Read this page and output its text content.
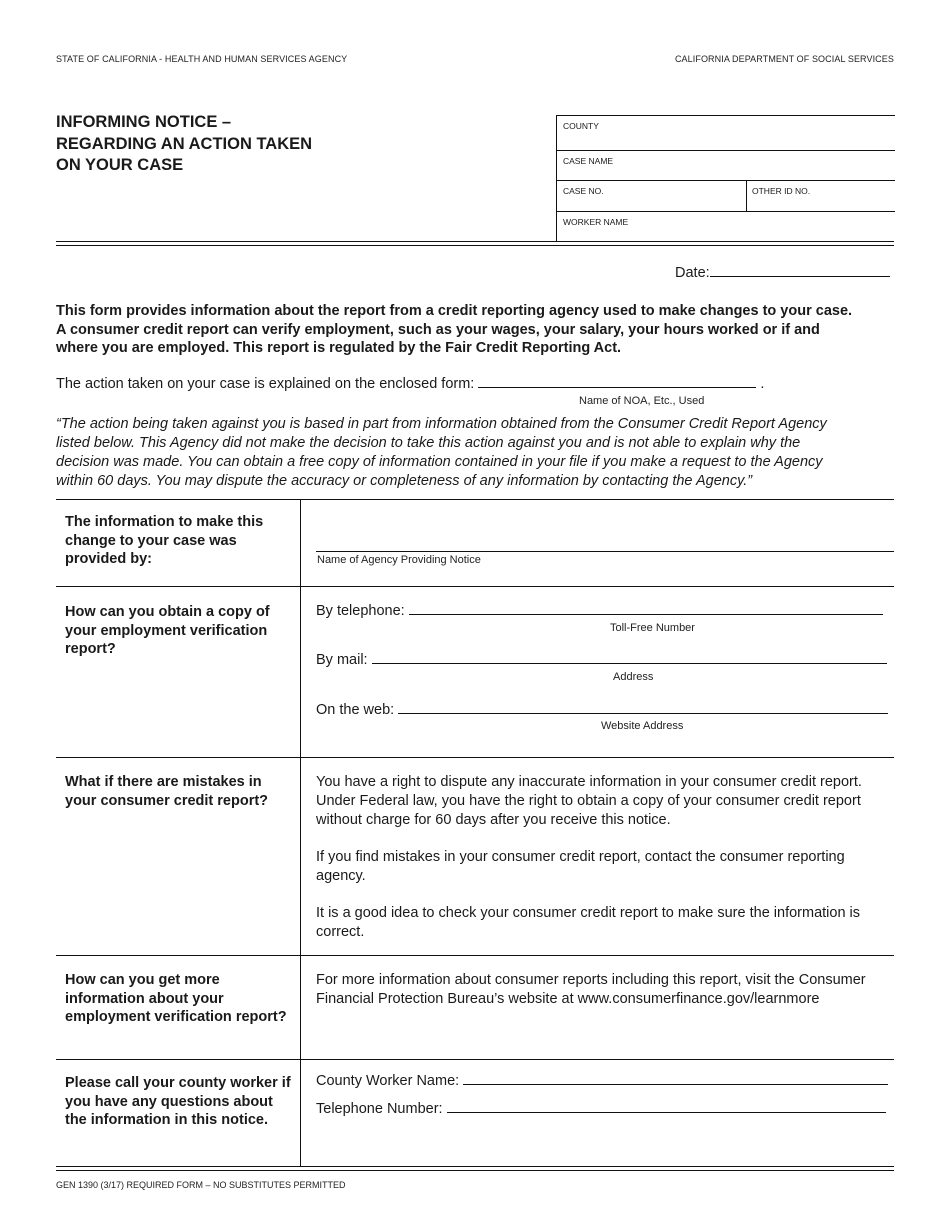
STATE OF CALIFORNIA - HEALTH AND HUMAN SERVICES AGENCY	CALIFORNIA DEPARTMENT OF SOCIAL SERVICES
INFORMING NOTICE –
REGARDING AN ACTION TAKEN
ON YOUR CASE
COUNTY
CASE NAME
CASE NO.	OTHER ID NO.
WORKER NAME
Date:
This form provides information about the report from a credit reporting agency used to make changes to your case.
A consumer credit report can verify employment, such as your wages, your salary, your hours worked or if and
where you are employed. This report is regulated by the Fair Credit Reporting Act.
The action taken on your case is explained on the enclosed form:	.
Name of NOA, Etc., Used
“The action being taken against you is based in part from information obtained from the Consumer Credit Report Agency
listed below. This Agency did not make the decision to take this action against you and is not able to explain why the
decision was made. You can obtain a free copy of information contained in your file if you make a request to the Agency
within 60 days. You may dispute the accuracy or completeness of any information by contacting the Agency.”
The information to make this change to your case was provided by:	Name of Agency Providing Notice
How can you obtain a copy of your employment verification report?
By telephone:
Toll-Free Number
By mail:
Address
On the web:
Website Address
What if there are mistakes in your consumer credit report?

You have a right to dispute any inaccurate information in your consumer credit report. Under Federal law, you have the right to obtain a copy of your consumer credit report without charge for 60 days after you receive this notice.

If you find mistakes in your consumer credit report, contact the consumer reporting agency.

It is a good idea to check your consumer credit report to make sure the information is correct.

How can you get more information about your employment verification report?
For more information about consumer reports including this report, visit the Consumer Financial Protection Bureau’s website at www.consumerfinance.gov/learnmore
Please call your county worker if you have any questions about the information in this notice.
County Worker Name:
Telephone Number:
GEN 1390 (3/17) REQUIRED FORM – NO SUBSTITUTES PERMITTED
